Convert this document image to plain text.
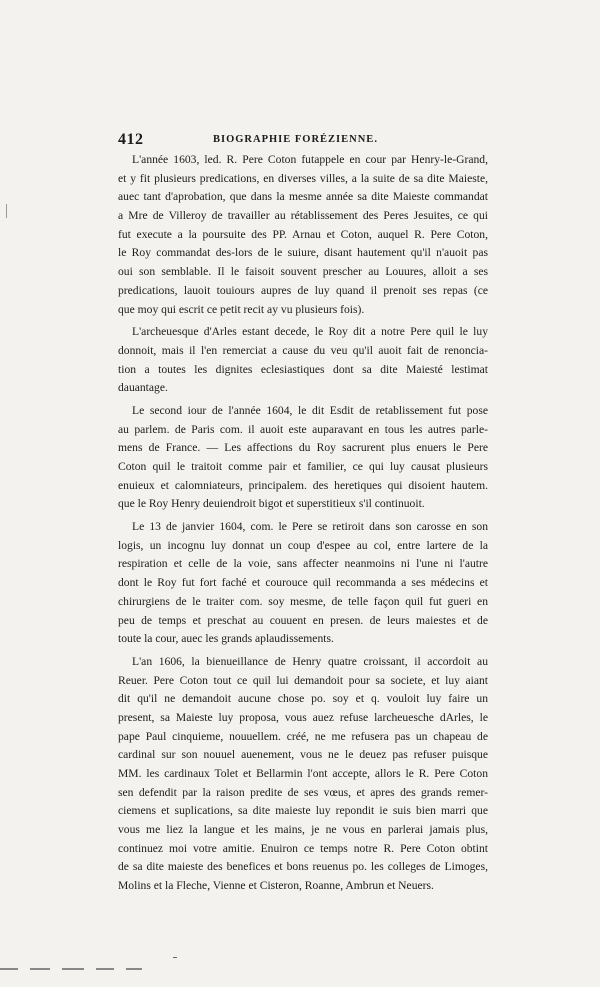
412	BIOGRAPHIE FORÉZIENNE.
L'année 1603, led. R. Pere Coton futappele en cour par Henry-le-Grand,
et y fit plusieurs predications, en diverses villes, a la suite de sa dite Maieste,
auec tant d'aprobation, que dans la mesme année sa dite Maieste commandat
a Mre de Villeroy de travailler au rétablissement des Peres Jesuites, ce qui
fut execute a la poursuite des PP. Arnau et Coton, auquel R. Pere Coton,
le Roy commandat des-lors de le suiure, disant hautement qu'il n'auoit pas
oui son semblable. Il le faisoit souvent prescher au Louures, alloit a ses
predications, lauoit touiours aupres de luy quand il prenoit ses repas (ce
que moy qui escrit ce petit recit ay vu plusieurs fois).
L'archeuesque d'Arles estant decede, le Roy dit a notre Pere quil le luy
donnoit, mais il l'en remerciat a cause du veu qu'il auoit fait de renoncia-
tion a toutes les dignites eclesiastiques dont sa dite Maiesté lestimat
dauantage.
Le second iour de l'année 1604, le dit Esdit de retablissement fut pose
au parlem. de Paris com. il auoit este auparavant en tous les autres parle-
mens de France. — Les affections du Roy sacrurent plus enuers le Pere
Coton quil le traitoit comme pair et familier, ce qui luy causat plusieurs
enuieux et calomniateurs, principalem. des heretiques qui disoient hautem.
que le Roy Henry deuiendroit bigot et superstitieux s'il continuoit.
Le 13 de janvier 1604, com. le Pere se retiroit dans son carosse en son
logis, un incognu luy donnat un coup d'espee au col, entre lartere de la
respiration et celle de la voie, sans affecter neanmoins ni l'une ni l'autre
dont le Roy fut fort faché et courouce quil recommanda a ses médecins et
chirurgiens de le traiter com. soy mesme, de telle façon quil fut gueri en
peu de temps et preschat au couuent en presen. de leurs maiestes et de
toute la cour, auec les grands aplaudissements.
L'an 1606, la bienueillance de Henry quatre croissant, il accordoit au
Reuer. Pere Coton tout ce quil lui demandoit pour sa societe, et luy aiant
dit qu'il ne demandoit aucune chose po. soy et q. vouloit luy faire un
present, sa Maieste luy proposa, vous auez refuse larcheuesche dArles, le
pape Paul cinquieme, nouuellem. créé, ne me refusera pas un chapeau de
cardinal sur son nouuel auenement, vous ne le deuez pas refuser puisque
MM. les cardinaux Tolet et Bellarmin l'ont accepte, allors le R. Pere Coton
sen defendit par la raison predite de ses vœus, et apres des grands remer-
ciemens et suplications, sa dite maieste luy repondit ie suis bien marri que
vous me liez la langue et les mains, je ne vous en parlerai jamais plus,
continuez moi votre amitie. Enuiron ce temps notre R. Pere Coton obtint
de sa dite maieste des benefices et bons reuenus po. les colleges de Limoges,
Molins et la Fleche, Vienne et Cisteron, Roanne, Ambrun et Neuers.
